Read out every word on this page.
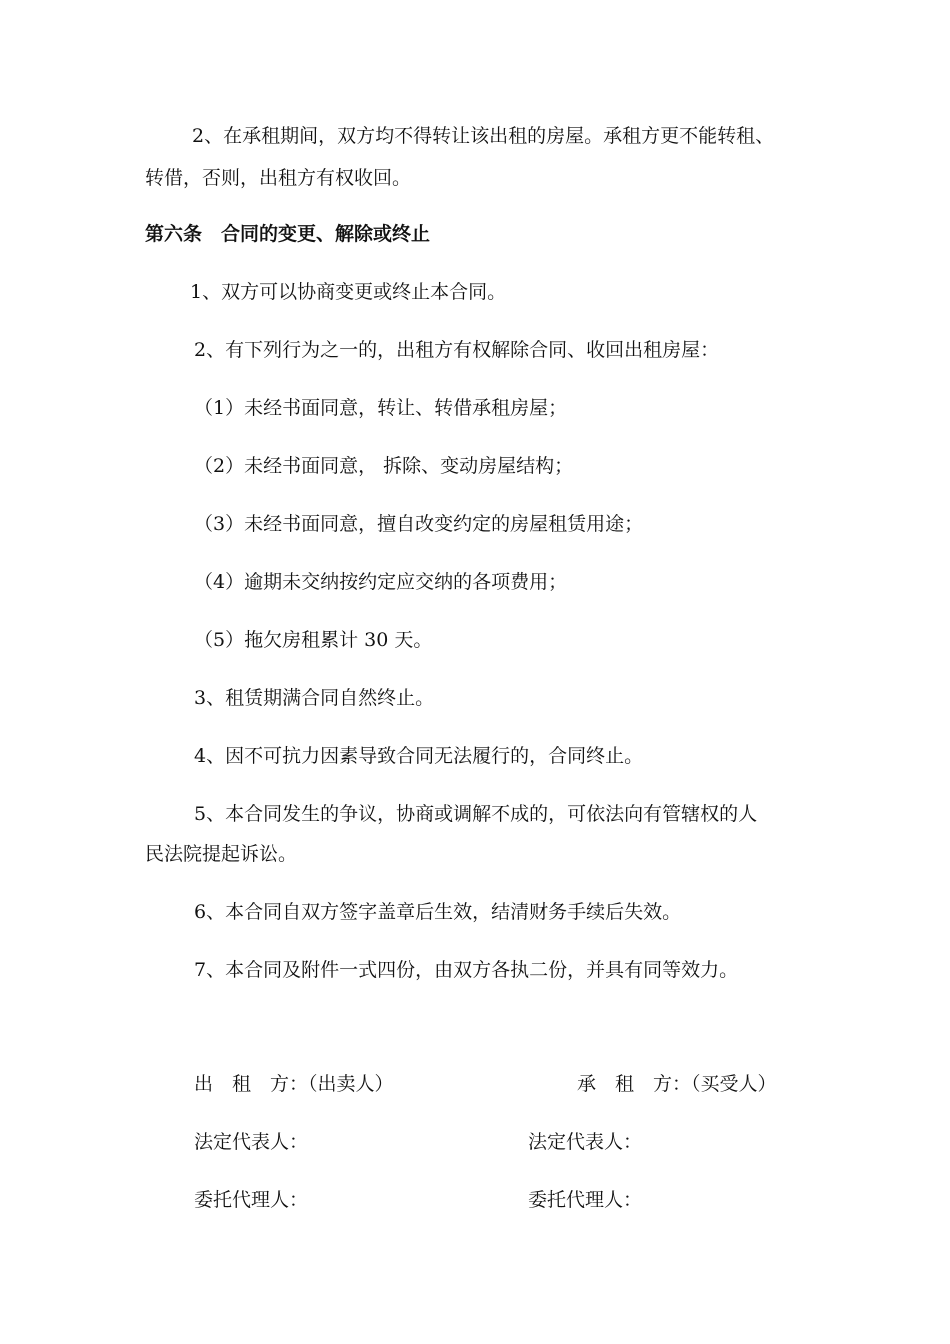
2、在承租期间，双方均不得转让该出租的房屋。承租方更不能转租、
转借，否则，出租方有权收回。
第六条　合同的变更、解除或终止
1、双方可以协商变更或终止本合同。
2、有下列行为之一的，出租方有权解除合同、收回出租房屋：
（1）未经书面同意，转让、转借承租房屋；
（2）未经书面同意， 拆除、变动房屋结构；
（3）未经书面同意，擅自改变约定的房屋租赁用途；
（4）逾期未交纳按约定应交纳的各项费用；
（5）拖欠房租累计 30 天。
3、租赁期满合同自然终止。
4、因不可抗力因素导致合同无法履行的，合同终止。
5、本合同发生的争议，协商或调解不成的，可依法向有管辖权的人
民法院提起诉讼。
6、本合同自双方签字盖章后生效，结清财务手续后失效。
7、本合同及附件一式四份，由双方各执二份，并具有同等效力。
出　租　方：（出卖人）	承　租　方：（买受人）
法定代表人：	法定代表人：
委托代理人：	委托代理人：
